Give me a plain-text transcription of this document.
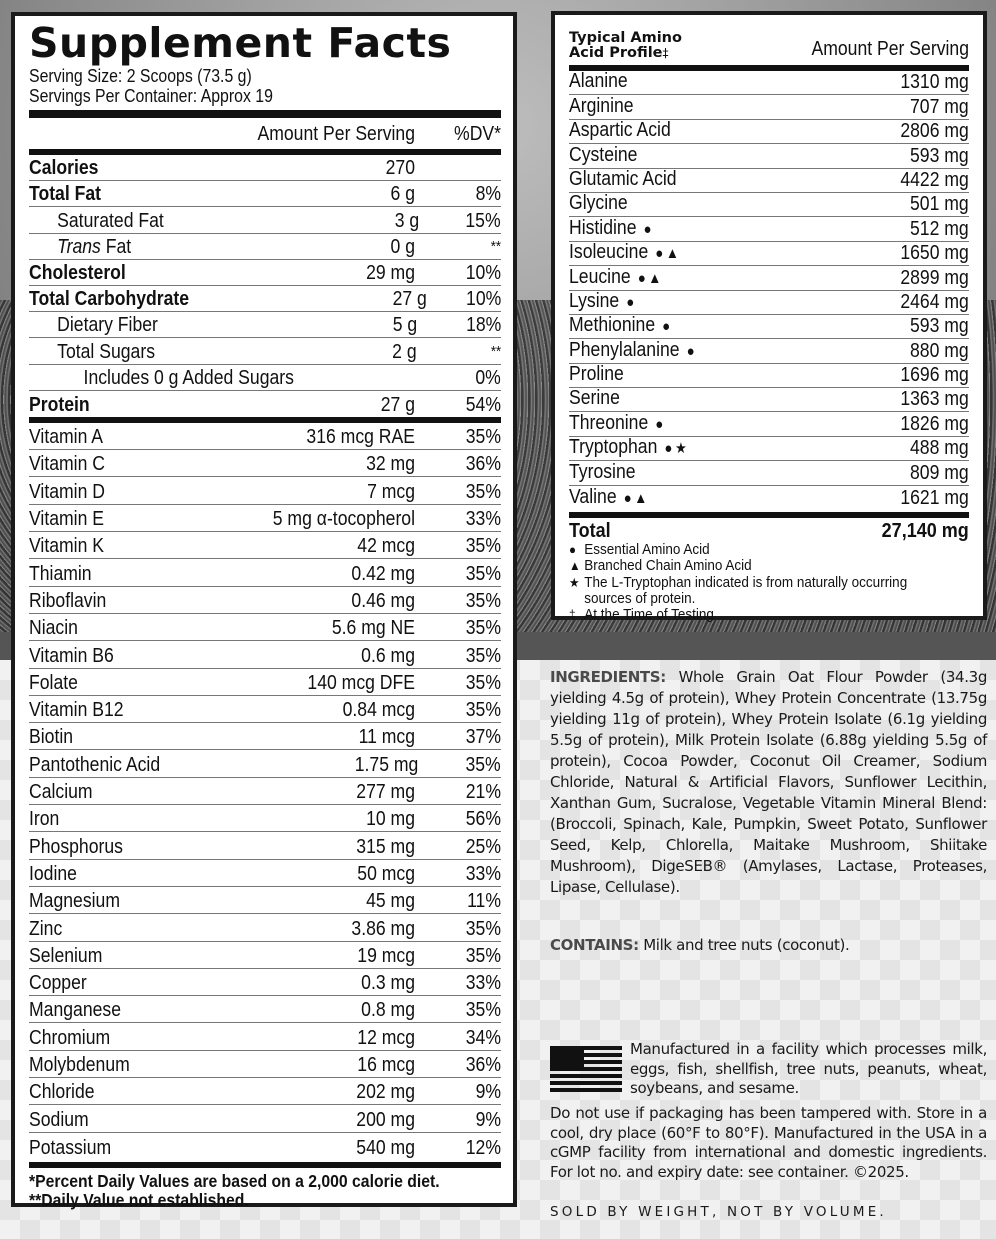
Supplement Facts
Serving Size: 2 Scoops (73.5 g)
Servings Per Container: Approx 19
Amount Per Serving	%DV*
Calories	270
Total Fat	6 g	8%
Saturated Fat	3 g	15%
Trans Fat	0 g	**
Cholesterol	29 mg	10%
Total Carbohydrate	27 g	10%
Dietary Fiber	5 g	18%
Total Sugars	2 g	**
Includes 0 g Added Sugars	0%
Protein	27 g	54%
Vitamin A	316 mcg RAE	35%
Vitamin C	32 mg	36%
Vitamin D	7 mcg	35%
Vitamin E	5 mg α-tocopherol	33%
Vitamin K	42 mcg	35%
Thiamin	0.42 mg	35%
Riboflavin	0.46 mg	35%
Niacin	5.6 mg NE	35%
Vitamin B6	0.6 mg	35%
Folate	140 mcg DFE	35%
Vitamin B12	0.84 mcg	35%
Biotin	11 mcg	37%
Pantothenic Acid	1.75 mg	35%
Calcium	277 mg	21%
Iron	10 mg	56%
Phosphorus	315 mg	25%
Iodine	50 mcg	33%
Magnesium	45 mg	11%
Zinc	3.86 mg	35%
Selenium	19 mcg	35%
Copper	0.3 mg	33%
Manganese	0.8 mg	35%
Chromium	12 mcg	34%
Molybdenum	16 mcg	36%
Chloride	202 mg	9%
Sodium	200 mg	9%
Potassium	540 mg	12%
*Percent Daily Values are based on a 2,000 calorie diet.
**Daily Value not established.
Typical Amino
Acid Profile‡	Amount Per Serving
Alanine	1310 mg
Arginine	707 mg
Aspartic Acid	2806 mg
Cysteine	593 mg
Glutamic Acid	4422 mg
Glycine	501 mg
Histidine ●	512 mg
Isoleucine ●▲	1650 mg
Leucine ●▲	2899 mg
Lysine ●	2464 mg
Methionine ●	593 mg
Phenylalanine ●	880 mg
Proline	1696 mg
Serine	1363 mg
Threonine ●	1826 mg
Tryptophan ●★	488 mg
Tyrosine	809 mg
Valine ●▲	1621 mg
Total	27,140 mg
● Essential Amino Acid
▲ Branched Chain Amino Acid
★ The L-Tryptophan indicated is from naturally occurring sources of protein.
‡ At the Time of Testing
INGREDIENTS: Whole Grain Oat Flour Powder (34.3g yielding 4.5g of protein), Whey Protein Concentrate (13.75g yielding 11g of protein), Whey Protein Isolate (6.1g yielding 5.5g of protein), Milk Protein Isolate (6.88g yielding 5.5g of protein), Cocoa Powder, Coconut Oil Creamer, Sodium Chloride, Natural & Artificial Flavors, Sunflower Lecithin, Xanthan Gum, Sucralose, Vegetable Vitamin Mineral Blend: (Broccoli, Spinach, Kale, Pumpkin, Sweet Potato, Sunflower Seed, Kelp, Chlorella, Maitake Mushroom, Shiitake Mushroom), DigeSEB® (Amylases, Lactase, Proteases, Lipase, Cellulase).
CONTAINS: Milk and tree nuts (coconut).
Manufactured in a facility which processes milk, eggs, fish, shellfish, tree nuts, peanuts, wheat, soybeans, and sesame.
Do not use if packaging has been tampered with. Store in a cool, dry place (60°F to 80°F). Manufactured in the USA in a cGMP facility from international and domestic ingredients. For lot no. and expiry date: see container. ©2025.
SOLD BY WEIGHT, NOT BY VOLUME.
